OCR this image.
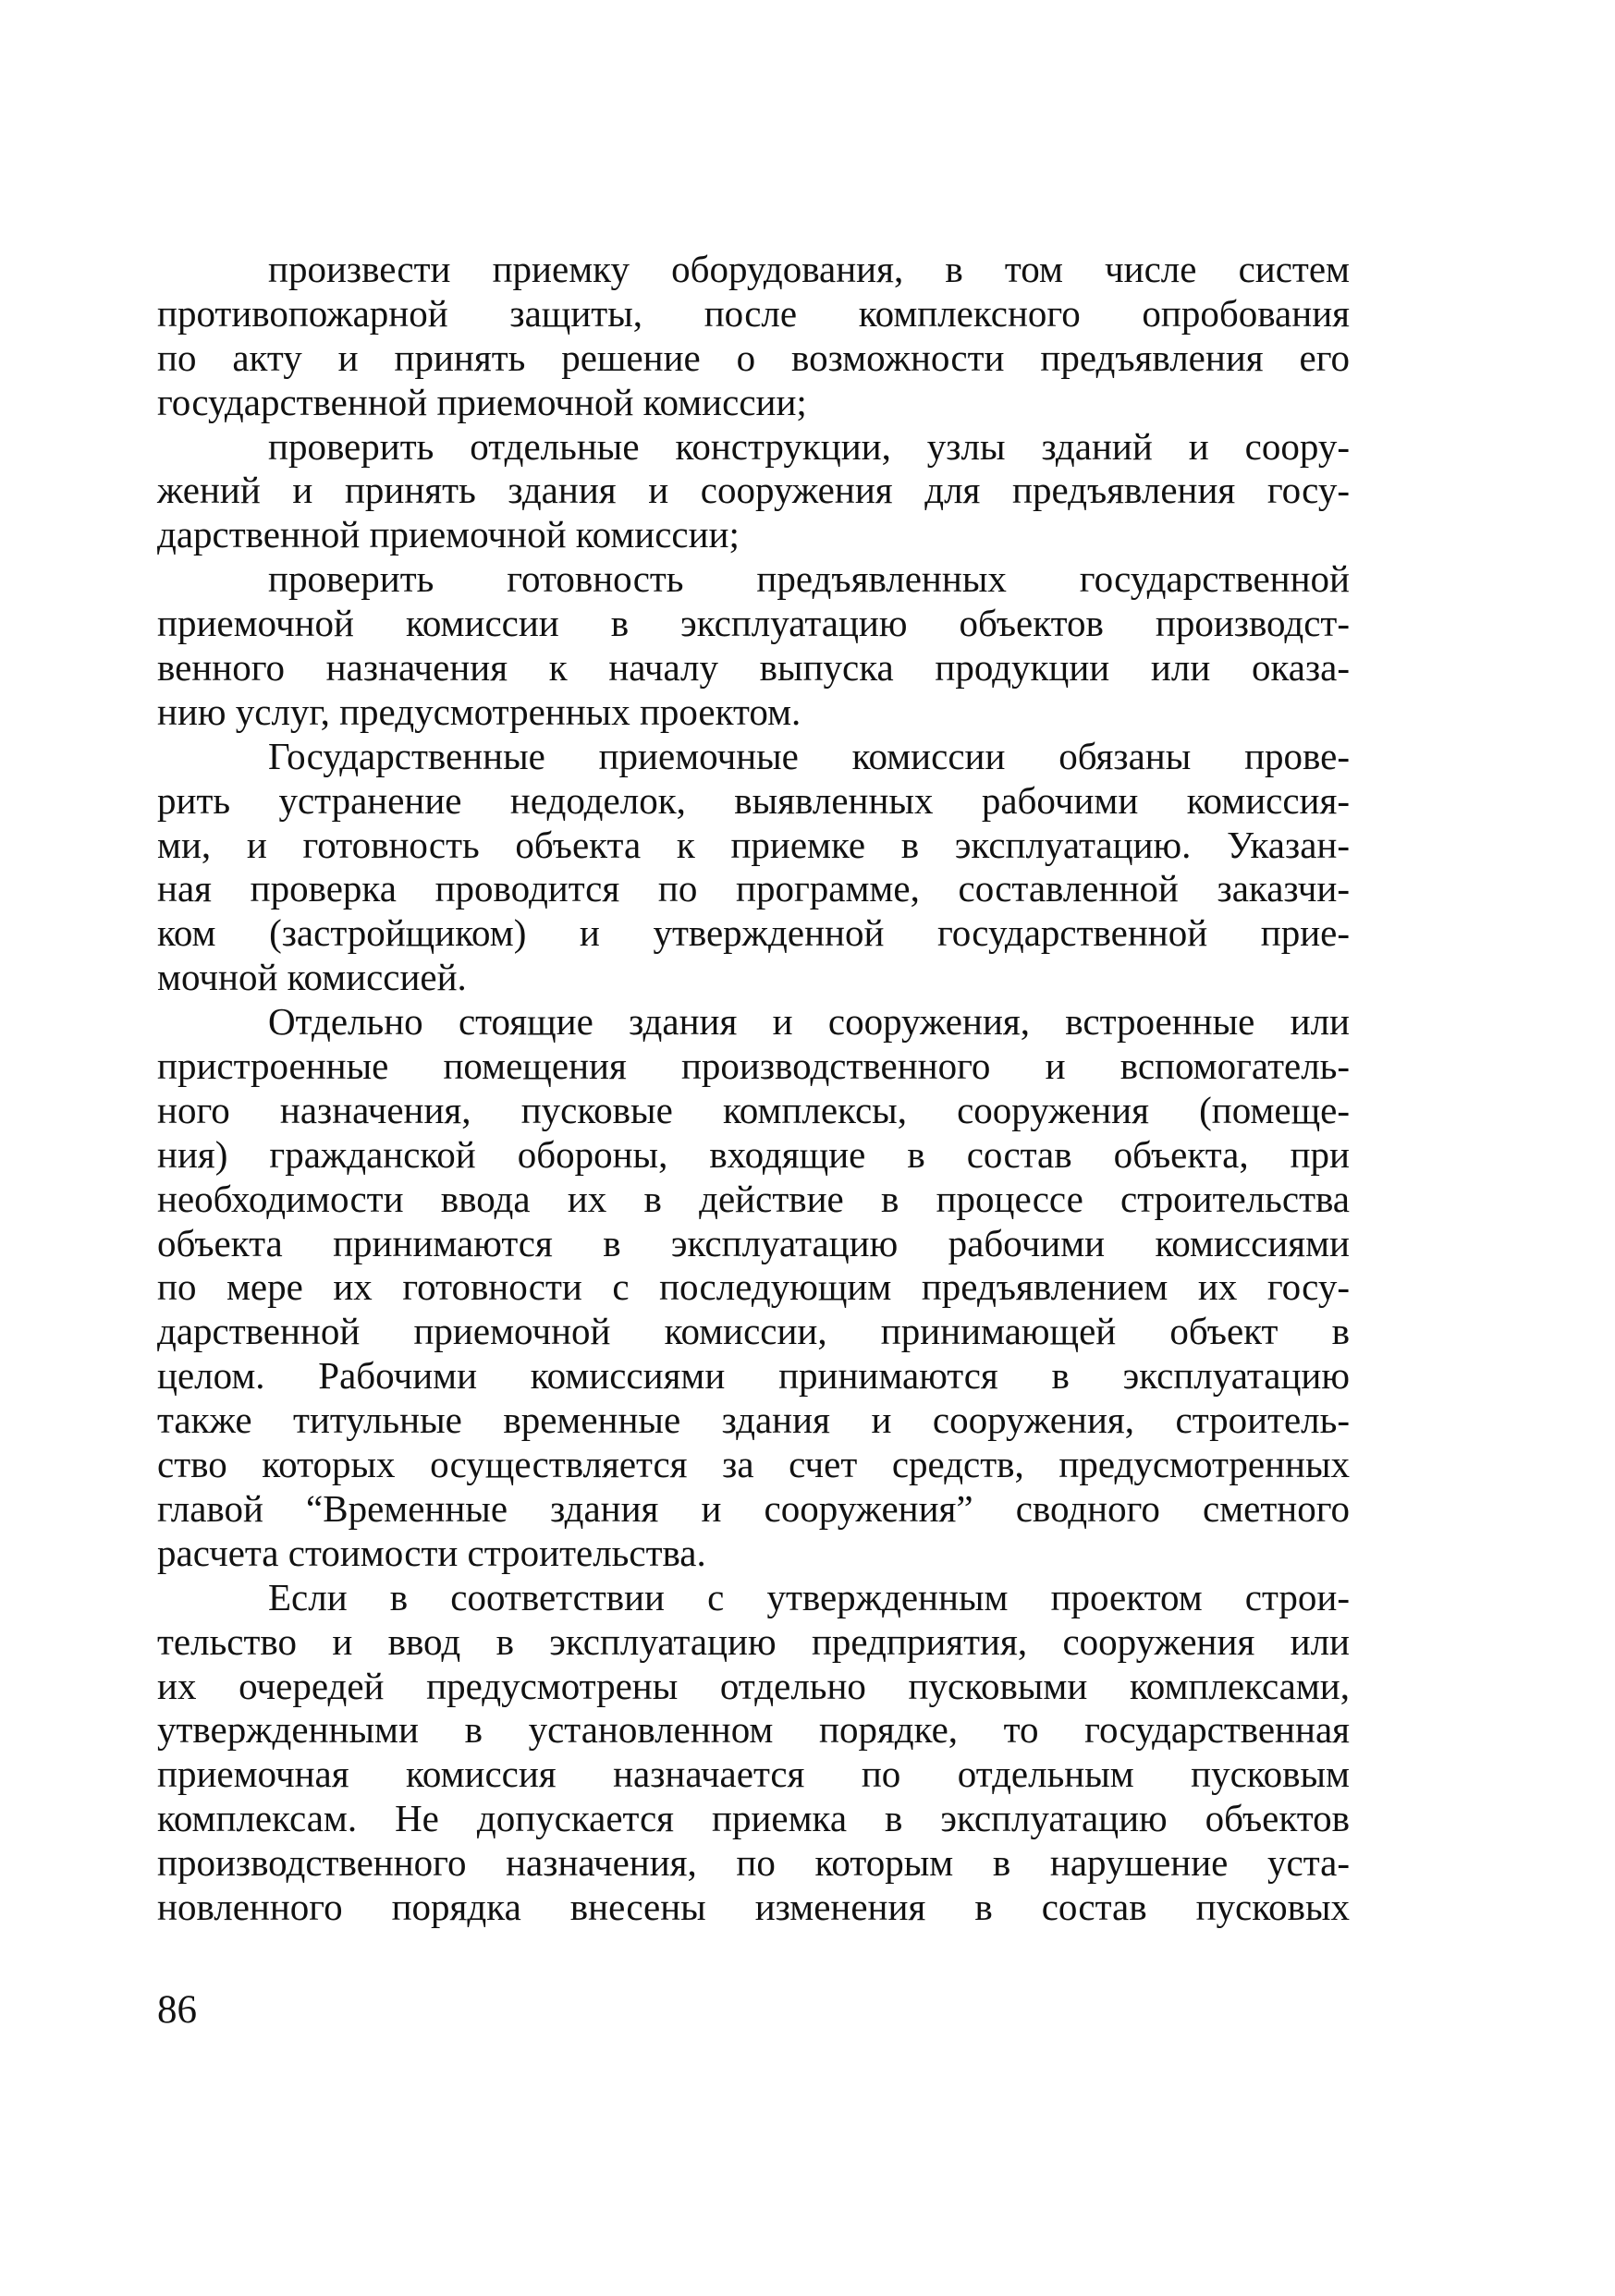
произвести приемку оборудования, в том числе систем
противопожарной защиты, после комплексного опробования
по акту и принять решение о возможности предъявления его
государственной приемочной комиссии;
проверить отдельные конструкции, узлы зданий и соору-
жений и принять здания и сооружения для предъявления госу-
дарственной приемочной комиссии;
проверить готовность предъявленных государственной
приемочной комиссии в эксплуатацию объектов производст-
венного назначения к началу выпуска продукции или оказа-
нию услуг, предусмотренных проектом.
Государственные приемочные комиссии обязаны прове-
рить устранение недоделок, выявленных рабочими комиссия-
ми, и готовность объекта к приемке в эксплуатацию. Указан-
ная проверка проводится по программе, составленной заказчи-
ком (застройщиком) и утвержденной государственной прие-
мочной комиссией.
Отдельно стоящие здания и сооружения, встроенные или
пристроенные помещения производственного и вспомогатель-
ного назначения, пусковые комплексы, сооружения (помеще-
ния) гражданской обороны, входящие в состав объекта, при
необходимости ввода их в действие в процессе строительства
объекта принимаются в эксплуатацию рабочими комиссиями
по мере их готовности с последующим предъявлением их госу-
дарственной приемочной комиссии, принимающей объект в
целом. Рабочими комиссиями принимаются в эксплуатацию
также титульные временные здания и сооружения, строитель-
ство которых осуществляется за счет средств, предусмотренных
главой “Временные здания и сооружения” сводного сметного
расчета стоимости строительства.
Если в соответствии с утвержденным проектом строи-
тельство и ввод в эксплуатацию предприятия, сооружения или
их очередей предусмотрены отдельно пусковыми комплексами,
утвержденными в установленном порядке, то государственная
приемочная комиссия назначается по отдельным пусковым
комплексам. Не допускается приемка в эксплуатацию объектов
производственного назначения, по которым в нарушение уста-
новленного порядка внесены изменения в состав пусковых
86
